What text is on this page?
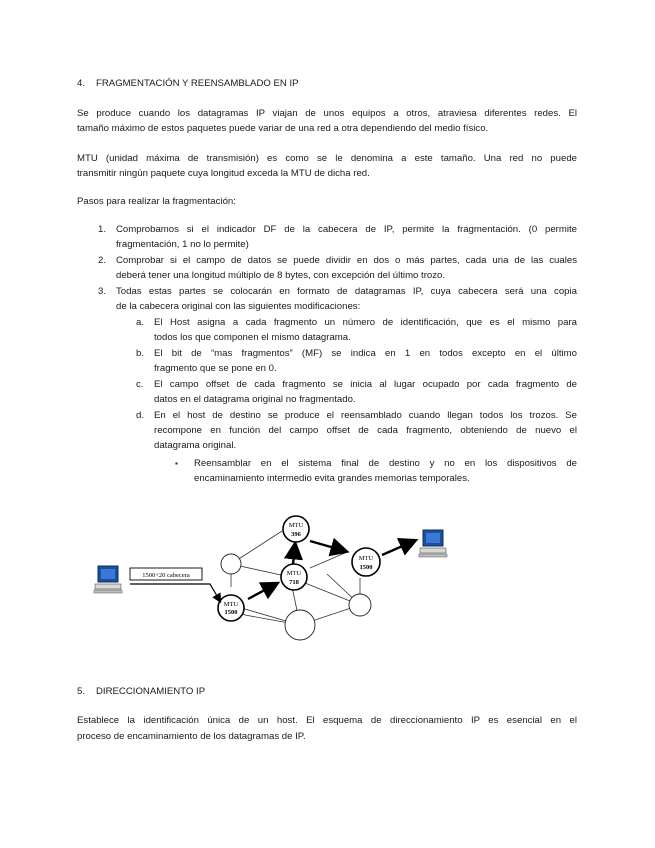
4. FRAGMENTACIÓN Y REENSAMBLADO EN IP
Se produce cuando los datagramas IP viajan de unos equipos a otros, atraviesa diferentes redes. El
tamaño máximo de estos paquetes puede variar de una red a otra dependiendo del medio físico.
MTU (unidad máxima de transmisión) es como se le denomina a este tamaño. Una red no puede
transmitir ningún paquete cuya longitud exceda la MTU de dicha red.
Pasos para realizar la fragmentación:
1. Comprobamos si el indicador DF de la cabecera de IP, permite la fragmentación. (0 permite
fragmentación, 1 no lo permite)
2. Comprobar si el campo de datos se puede dividir en dos o más partes, cada una de las cuales
deberá tener una longitud múltiplo de 8 bytes, con excepción del último trozo.
3. Todas estas partes se colocarán en formato de datagramas IP, cuya cabecera será una copia
de la cabecera original con las siguientes modificaciones:
a. El Host asigna a cada fragmento un número de identificación, que es el mismo para
todos los que componen el mismo datagrama.
b. El bit de “mas fragmentos” (MF) se indica en 1 en todos excepto en el último
fragmento que se pone en 0.
c. El campo offset de cada fragmento se inicia al lugar ocupado por cada fragmento de
datos en el datagrama original no fragmentado.
d. En el host de destino se produce el reensamblado cuando llegan todos los trozos. Se
recompone en función del campo offset de cada fragmento, obteniendo de nuevo el
datagrama original.
▪ Reensamblar en el sistema final de destino y no en los dispositivos de
encaminamiento intermedio evita grandes memorias temporales.
MTU
1500
MTU
718
MTU
396
MTU
1500
1500+20 cabecera
5. DIRECCIONAMIENTO IP
Establece la identificación única de un host. El esquema de direccionamiento IP es esencial en el
proceso de encaminamiento de los datagramas de IP.
